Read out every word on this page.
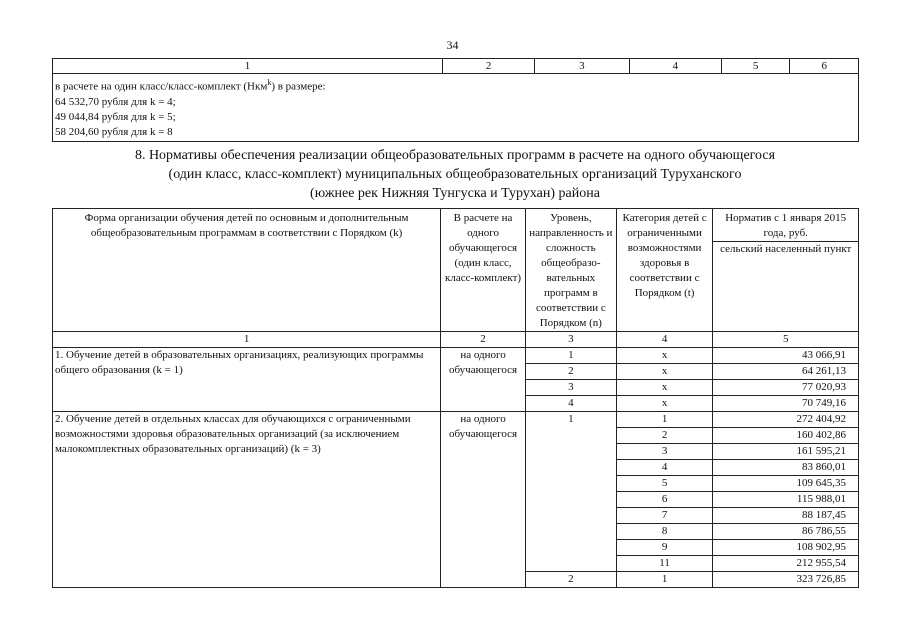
34
1	2	3	4	5	6

в расчете на один класс/класс-комплект (Нкм$^k$) в размере:
64 532,70 рубля для k = 4;
49 044,84 рубля для k = 5;
58 204,60 рубля для k = 8
8. Нормативы обеспечения реализации общеобразовательных программ в расчете на одного обучающегося
(один класс, класс-комплект) муниципальных общеобразовательных организаций Туруханского
(южнее рек Нижняя Тунгуска и Турухан) района
Форма организации обучения детей по основным и дополнительным общеобразовательным программам в соответствии с Порядком (k)	В расчете на одного обучающегося (один класс, класс-комплект)	Уровень, направленность и сложность общеобразо-вательных программ в соответствии с Порядком (n)	Категория детей с ограниченными возможностями здоровья в соответствии с Порядком (t)	Норматив с 1 января 2015 года, руб.
				сельский населенный пункт
1	2	3	4	5
1. Обучение детей в образовательных организациях, реализующих программы общего образования (k = 1)	на одного обучающегося	1	x	43 066,91
		2	x	64 261,13
		3	x	77 020,93
		4	x	70 749,16
2. Обучение детей в отдельных классах для обучающихся с ограниченными возможностями здоровья образовательных организаций (за исключением малокомплектных образовательных организаций) (k = 3)	на одного обучающегося	1	1	272 404,92
			2	160 402,86
			3	161 595,21
			4	83 860,01
			5	109 645,35
			6	115 988,01
			7	88 187,45
			8	86 786,55
			9	108 902,95
			11	212 955,54
		2	1	323 726,85
